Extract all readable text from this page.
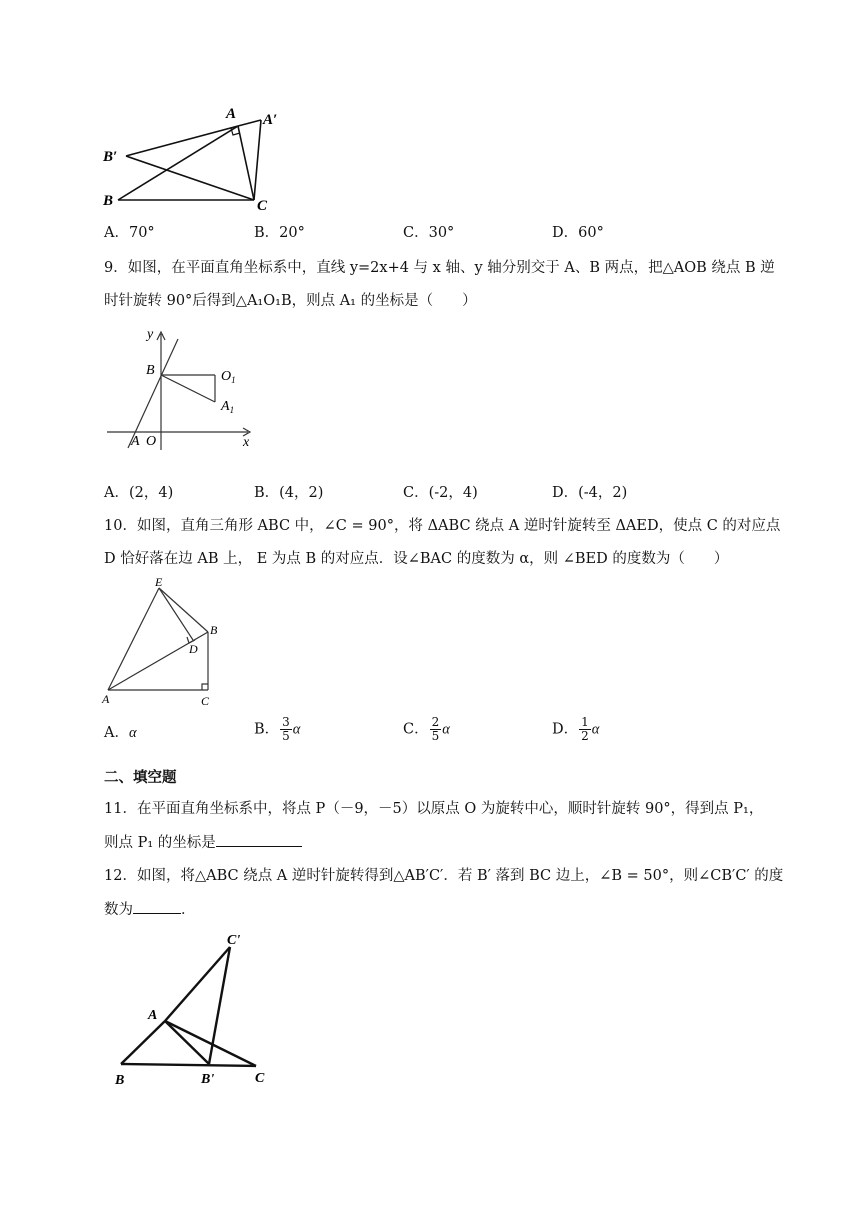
A A′
B′
B	C
A．70°	B．20°	C．30°	D．60°
9．如图，在平面直角坐标系中，直线 y=2x+4 与 x 轴、y 轴分别交于 A、B 两点，把△AOB 绕点 B 逆
时针旋转 90°后得到△A₁O₁B，则点 A₁ 的坐标是（　　）
y
x
B	$O_1$
$A_1$
A O
A．(2，4)	B．(4，2)	C．(-2，4)	D．(-4，2)
10．如图，直角三角形 ABC 中，∠C = 90°，将 ΔABC 绕点 A 逆时针旋转至 ΔAED，使点 C 的对应点
D 恰好落在边 AB 上， E 为点 B 的对应点．设∠BAC 的度数为 α，则 ∠BED 的度数为（　　）
E
B
D
A	C
A．α	B． $\frac{3}{5}$ α	C． $\frac{2}{5}$ α	D． $\frac{1}{2}$ α
二、填空题
11．在平面直角坐标系中，将点 P（－9，－5）以原点 O 为旋转中心，顺时针旋转 90°，得到点 P₁，
则点 P₁ 的坐标是
12．如图，将△ABC 绕点 A 逆时针旋转得到△AB′C′．若 B′ 落到 BC 边上，∠B = 50°，则∠CB′C′ 的度
数为	．
C'
A
B	B'	C
